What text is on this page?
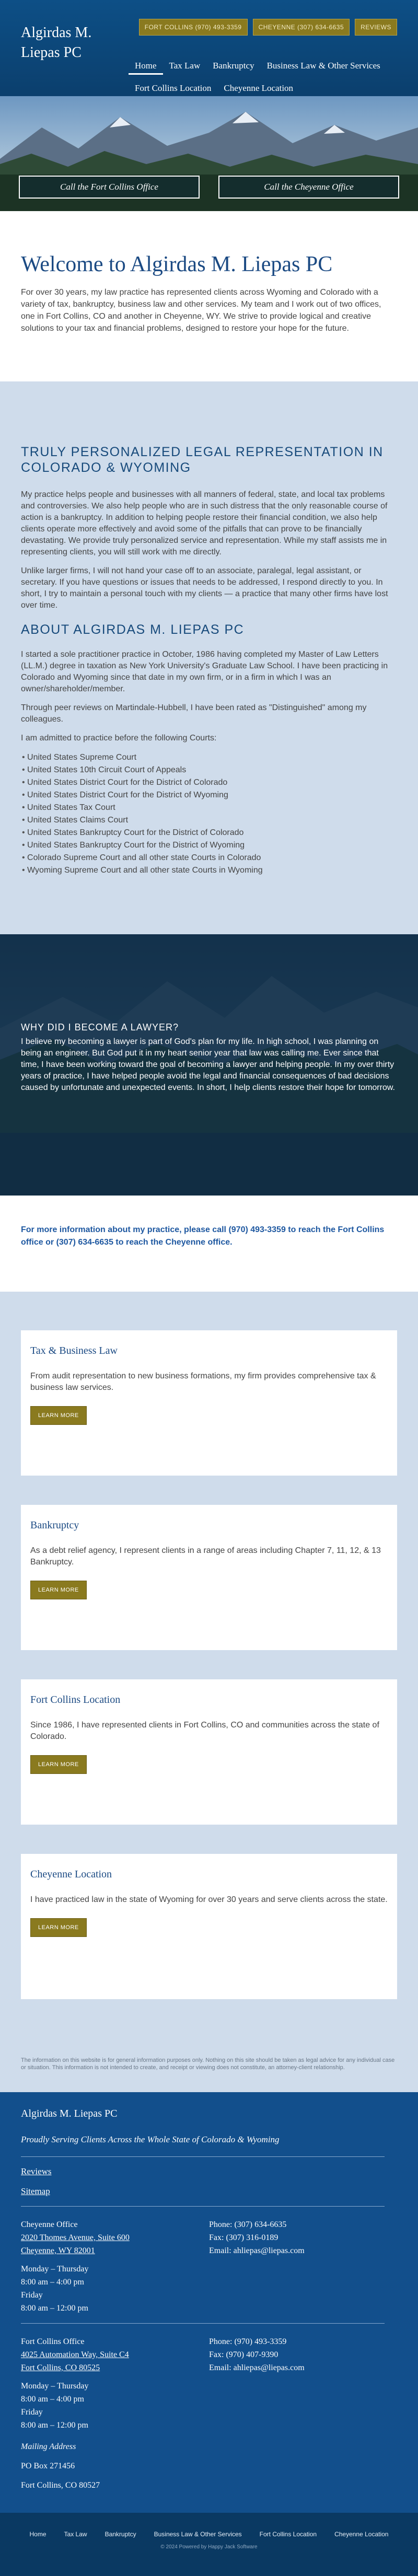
Algirdas M. Liepas PC
FORT COLLINS (970) 493-3359	CHEYENNE (307) 634-6635	REVIEWS
Home	Tax Law	Bankruptcy	Business Law & Other Services
Fort Collins Location	Cheyenne Location
Call the Fort Collins Office	Call the Cheyenne Office
Welcome to Algirdas M. Liepas PC

For over 30 years, my law practice has represented clients across Wyoming and Colorado with a variety of tax, bankruptcy, business law and other services. My team and I work out of two offices, one in Fort Collins, CO and another in Cheyenne, WY. We strive to provide logical and creative solutions to your tax and financial problems, designed to restore your hope for the future.

TRULY PERSONALIZED LEGAL REPRESENTATION IN COLORADO & WYOMING

My practice helps people and businesses with all manners of federal, state, and local tax problems and controversies. We also help people who are in such distress that the only reasonable course of action is a bankruptcy. In addition to helping people restore their financial condition, we also help clients operate more effectively and avoid some of the pitfalls that can prove to be financially devastating. We provide truly personalized service and representation. While my staff assists me in representing clients, you will still work with me directly.

Unlike larger firms, I will not hand your case off to an associate, paralegal, legal assistant, or secretary. If you have questions or issues that needs to be addressed, I respond directly to you. In short, I try to maintain a personal touch with my clients — a practice that many other firms have lost over time.

ABOUT ALGIRDAS M. LIEPAS PC

I started a sole practitioner practice in October, 1986 having completed my Master of Law Letters (LL.M.) degree in taxation as New York University's Graduate Law School. I have been practicing in Colorado and Wyoming since that date in my own firm, or in a firm in which I was an owner/shareholder/member.

Through peer reviews on Martindale-Hubbell, I have been rated as "Distinguished" among my colleagues.

I am admitted to practice before the following Courts:

• United States Supreme Court
• United States 10th Circuit Court of Appeals
• United States District Court for the District of Colorado
• United States District Court for the District of Wyoming
• United States Tax Court
• United States Claims Court
• United States Bankruptcy Court for the District of Colorado
• United States Bankruptcy Court for the District of Wyoming
• Colorado Supreme Court and all other state Courts in Colorado
• Wyoming Supreme Court and all other state Courts in Wyoming
WHY DID I BECOME A LAWYER?

I believe my becoming a lawyer is part of God's plan for my life. In high school, I was planning on being an engineer. But God put it in my heart senior year that law was calling me. Ever since that time, I have been working toward the goal of becoming a lawyer and helping people. In my over thirty years of practice, I have helped people avoid the legal and financial consequences of bad decisions caused by unfortunate and unexpected events. In short, I help clients restore their hope for tomorrow.

For more information about my practice, please call (970) 493-3359 to reach the Fort Collins office or (307) 634-6635 to reach the Cheyenne office.

Tax & Business Law

From audit representation to new business formations, my firm provides comprehensive tax & business law services.

LEARN MORE
Bankruptcy

As a debt relief agency, I represent clients in a range of areas including Chapter 7, 11, 12, & 13 Bankruptcy.

LEARN MORE
Fort Collins Location

Since 1986, I have represented clients in Fort Collins, CO and communities across the state of Colorado.

LEARN MORE
Cheyenne Location

I have practiced law in the state of Wyoming for over 30 years and serve clients across the state.

LEARN MORE
The information on this website is for general information purposes only. Nothing on this site should be taken as legal advice for any individual case or situation. This information is not intended to create, and receipt or viewing does not constitute, an attorney-client relationship.
Algirdas M. Liepas PC
Proudly Serving Clients Across the Whole State of Colorado & Wyoming
Reviews
Sitemap
Cheyenne Office
2020 Thomes Avenue, Suite 600
Cheyenne, WY 82001
Phone: (307) 634-6635
Fax: (307) 316-0189
Email: ahliepas@liepas.com
Monday – Thursday
8:00 am – 4:00 pm
Friday
8:00 am – 12:00 pm
Fort Collins Office
4025 Automation Way, Suite C4
Fort Collins, CO 80525
Phone: (970) 493-3359
Fax: (970) 407-9390
Email: ahliepas@liepas.com
Monday – Thursday
8:00 am – 4:00 pm
Friday
8:00 am – 12:00 pm
Mailing Address
PO Box 271456
Fort Collins, CO 80527
Home	Tax Law	Bankruptcy	Business Law & Other Services	Fort Collins Location	Cheyenne Location
© 2024 Powered by Happy Jack Software
